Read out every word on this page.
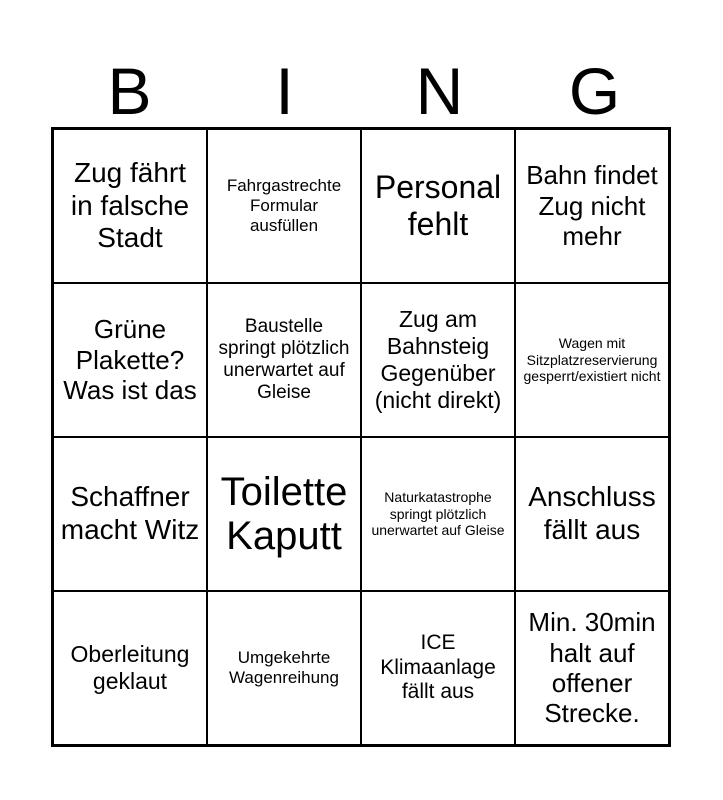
B	I	N	G
Zug fährt in falsche Stadt
Fahrgastrechte Formular ausfüllen
Personal fehlt
Bahn findet Zug nicht mehr
Grüne Plakette? Was ist das
Baustelle springt plötzlich unerwartet auf Gleise
Zug am Bahnsteig Gegenüber (nicht direkt)
Wagen mit Sitzplatzreservierung gesperrt/existiert nicht
Schaffner macht Witz
Toilette Kaputt
Naturkatastrophe springt plötzlich unerwartet auf Gleise
Anschluss fällt aus
Oberleitung geklaut
Umgekehrte Wagenreihung
ICE Klimaanlage fällt aus
Min. 30min halt auf offener Strecke.
